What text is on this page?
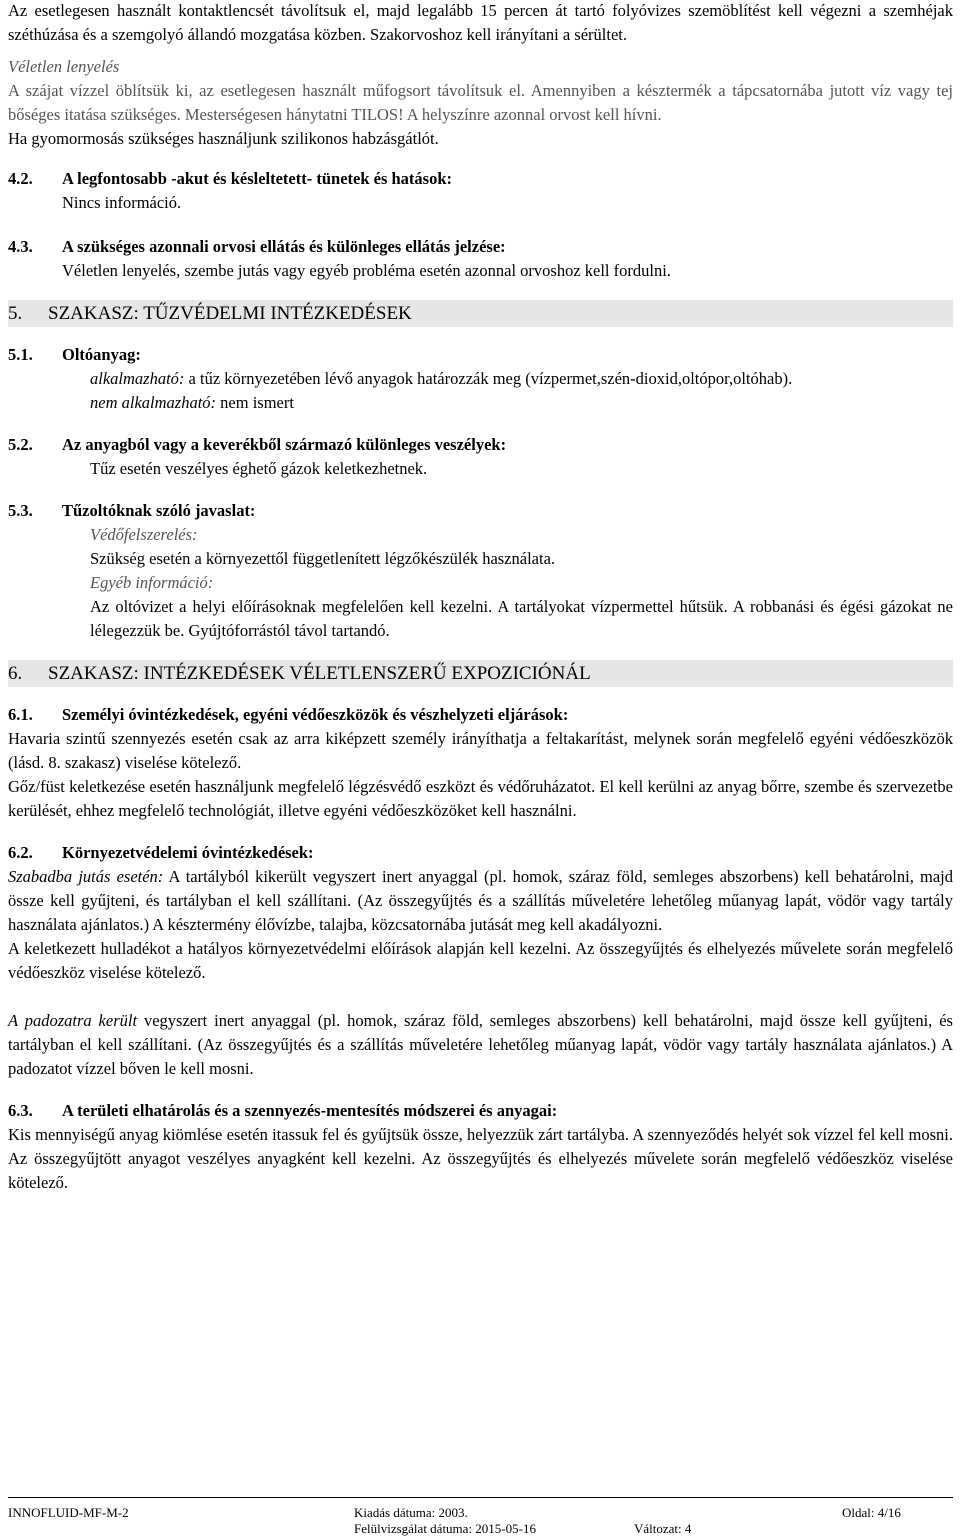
Az esetlegesen használt kontaktlencsét távolítsuk el, majd legalább 15 percen át tartó folyóvizes szemöblítést kell végezni a szemhéjak széthúzása és a szemgolyó állandó mozgatása közben. Szakorvoshoz kell irányítani a sérültet.

Véletlen lenyelés

A szájat vízzel öblítsük ki, az esetlegesen használt műfogsort távolítsuk el. Amennyiben a késztermék a tápcsatornába jutott víz vagy tej bőséges itatása szükséges. Mesterségesen hánytatni TILOS! A helyszínre azonnal orvost kell hívni.

Ha gyomormosás szükséges használjunk szilikonos habzásgátlót.

4.2.	A legfontosabb -akut és késleltetett- tünetek és hatások:

Nincs információ.

4.3.	A szükséges azonnali orvosi ellátás és különleges ellátás jelzése:

Véletlen lenyelés, szembe jutás vagy egyéb probléma esetén azonnal orvoshoz kell fordulni.

5. SZAKASZ: TŰZVÉDELMI INTÉZKEDÉSEK
5.1.	Oltóanyag:

alkalmazható: a tűz környezetében lévő anyagok határozzák meg (vízpermet,szén-dioxid,oltópor,oltóhab).

nem alkalmazható: nem ismert

5.2.	Az anyagból vagy a keverékből származó különleges veszélyek:

Tűz esetén veszélyes éghető gázok keletkezhetnek.

5.3.	Tűzoltóknak szóló javaslat:

Védőfelszerelés:

Szükség esetén a környezettől függetlenített légzőkészülék használata.

Egyéb információ:

Az oltóvizet a helyi előírásoknak megfelelően kell kezelni. A tartályokat vízpermettel hűtsük. A robbanási és égési gázokat ne lélegezzük be. Gyújtóforrástól távol tartandó.

6. SZAKASZ: INTÉZKEDÉSEK VÉLETLENSZERŰ EXPOZICIÓNÁL
6.1.	Személyi óvintézkedések, egyéni védőeszközök és vészhelyzeti eljárások:

Havaria szintű szennyezés esetén csak az arra kiképzett személy irányíthatja a feltakarítást, melynek során megfelelő egyéni védőeszközök (lásd. 8. szakasz) viselése kötelező.

Gőz/füst keletkezése esetén használjunk megfelelő légzésvédő eszközt és védőruházatot. El kell kerülni az anyag bőrre, szembe és szervezetbe kerülését, ehhez megfelelő technológiát, illetve egyéni védőeszközöket kell használni.

6.2.	Környezetvédelemi óvintézkedések:

Szabadba jutás esetén: A tartályból kikerült vegyszert inert anyaggal (pl. homok, száraz föld, semleges abszorbens) kell behatárolni, majd össze kell gyűjteni, és tartályban el kell szállítani. (Az összegyűjtés és a szállítás műveletére lehetőleg műanyag lapát, vödör vagy tartály használata ajánlatos.) A késztermény élővízbe, talajba, közcsatornába jutását meg kell akadályozni.

A keletkezett hulladékot a hatályos környezetvédelmi előírások alapján kell kezelni. Az összegyűjtés és elhelyezés művelete során megfelelő védőeszköz viselése kötelező.

A padozatra került vegyszert inert anyaggal (pl. homok, száraz föld, semleges abszorbens) kell behatárolni, majd össze kell gyűjteni, és tartályban el kell szállítani. (Az összegyűjtés és a szállítás műveletére lehetőleg műanyag lapát, vödör vagy tartály használata ajánlatos.) A padozatot vízzel bőven le kell mosni.

6.3.	A területi elhatárolás és a szennyezés-mentesítés módszerei és anyagai:

Kis mennyiségű anyag kiömlése esetén itassuk fel és gyűjtsük össze, helyezzük zárt tartályba. A szennyeződés helyét sok vízzel fel kell mosni. Az összegyűjtött anyagot veszélyes anyagként kell kezelni. Az összegyűjtés és elhelyezés művelete során megfelelő védőeszköz viselése kötelező.

INNOFLUID-MF-M-2	Kiadás dátuma: 2003.	Oldal: 4/16
Felülvizsgálat dátuma: 2015-05-16	Változat: 4
